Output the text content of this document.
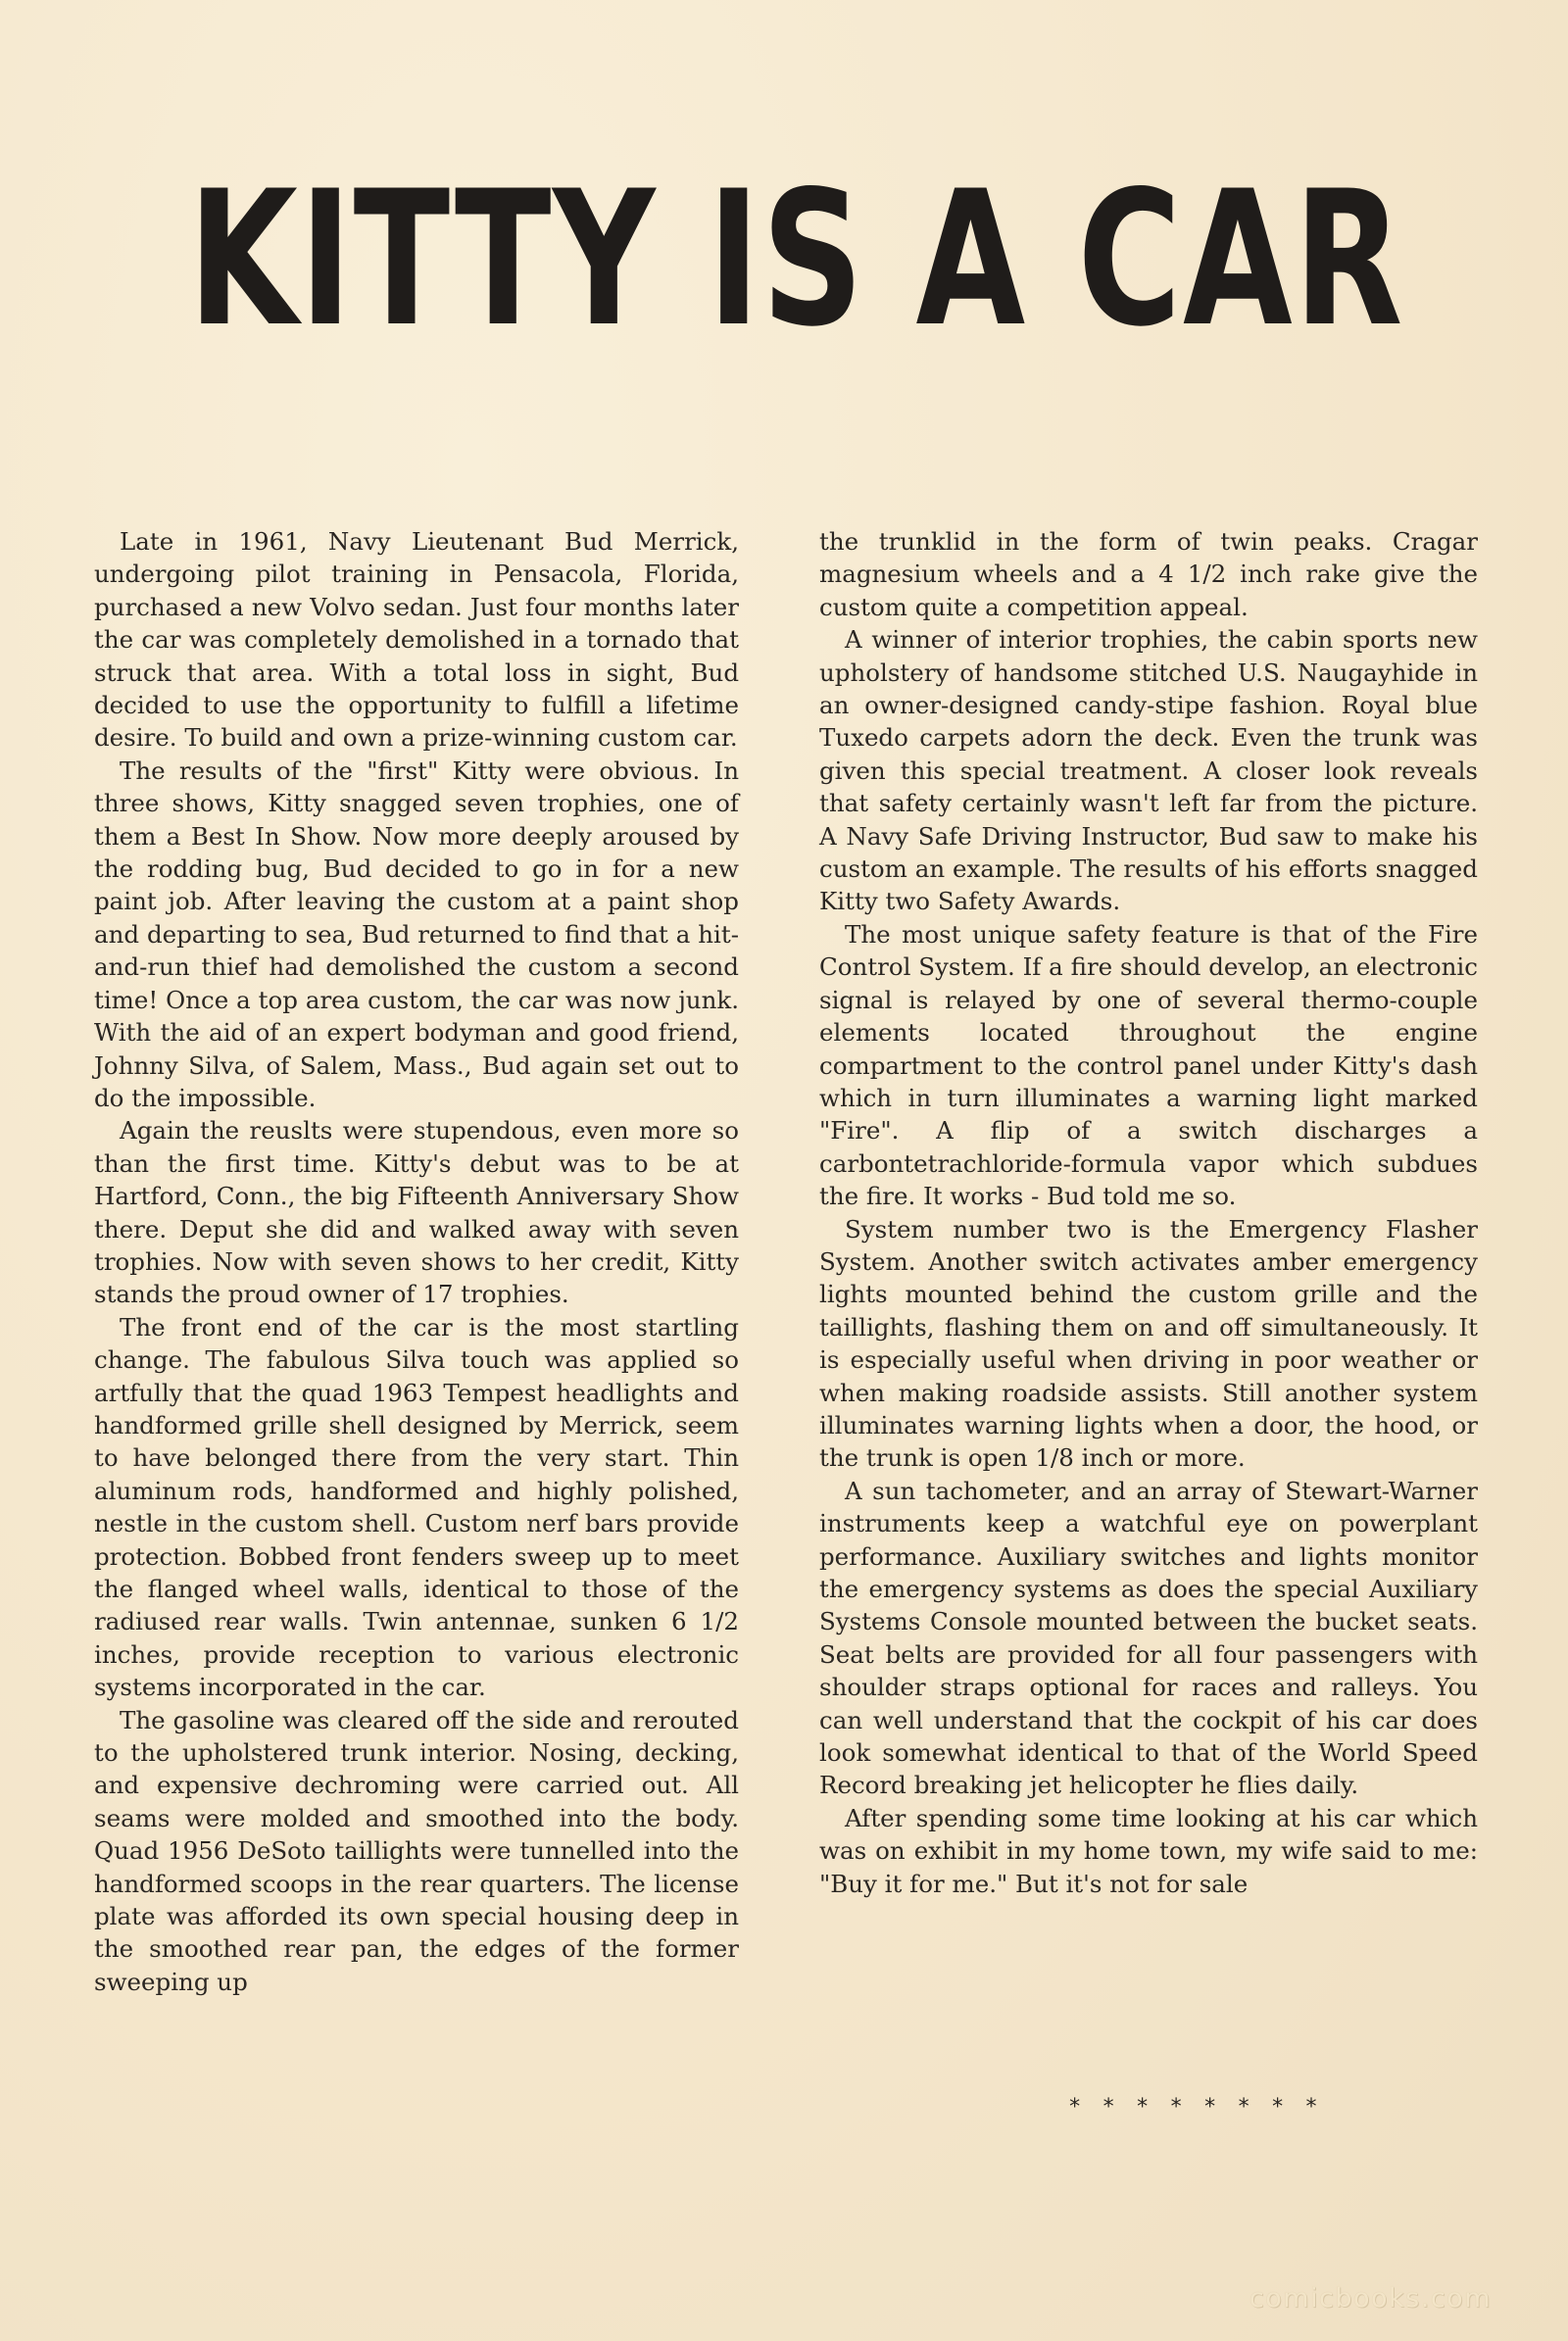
KITTY IS A CAR

Late in 1961, Navy Lieutenant Bud Merrick, undergoing pilot training in Pensacola, Florida, purchased a new Volvo sedan. Just four months later the car was completely demolished in a tornado that struck that area. With a total loss in sight, Bud decided to use the opportunity to fulfill a lifetime desire. To build and own a prize-winning custom car.

The results of the "first" Kitty were obvious. In three shows, Kitty snagged seven trophies, one of them a Best In Show. Now more deeply aroused by the rodding bug, Bud decided to go in for a new paint job. After leaving the custom at a paint shop and departing to sea, Bud returned to find that a hit-and-run thief had demolished the custom a second time! Once a top area custom, the car was now junk. With the aid of an expert bodyman and good friend, Johnny Silva, of Salem, Mass., Bud again set out to do the impossible.

Again the reuslts were stupendous, even more so than the first time. Kitty's debut was to be at Hartford, Conn., the big Fifteenth Anniversary Show there. Deput she did and walked away with seven trophies. Now with seven shows to her credit, Kitty stands the proud owner of 17 trophies.

The front end of the car is the most startling change. The fabulous Silva touch was applied so artfully that the quad 1963 Tempest headlights and handformed grille shell designed by Merrick, seem to have belonged there from the very start. Thin aluminum rods, handformed and highly polished, nestle in the custom shell. Custom nerf bars provide protection. Bobbed front fenders sweep up to meet the flanged wheel walls, identical to those of the radiused rear walls. Twin antennae, sunken 6 1/2 inches, provide reception to various electronic systems incorporated in the car.

The gasoline was cleared off the side and rerouted to the upholstered trunk interior. Nosing, decking, and expensive dechroming were carried out. All seams were molded and smoothed into the body. Quad 1956 DeSoto taillights were tunnelled into the handformed scoops in the rear quarters. The license plate was afforded its own special housing deep in the smoothed rear pan, the edges of the former sweeping up

the trunklid in the form of twin peaks. Cragar magnesium wheels and a 4 1/2 inch rake give the custom quite a competition appeal.

A winner of interior trophies, the cabin sports new upholstery of handsome stitched U.S. Naugayhide in an owner-designed candy-stipe fashion. Royal blue Tuxedo carpets adorn the deck. Even the trunk was given this special treatment. A closer look reveals that safety certainly wasn't left far from the picture. A Navy Safe Driving Instructor, Bud saw to make his custom an example. The results of his efforts snagged Kitty two Safety Awards.

The most unique safety feature is that of the Fire Control System. If a fire should develop, an electronic signal is relayed by one of several thermo-couple elements located throughout the engine compartment to the control panel under Kitty's dash which in turn illuminates a warning light marked "Fire". A flip of a switch discharges a carbontetrachloride-formula vapor which subdues the fire. It works - Bud told me so.

System number two is the Emergency Flasher System. Another switch activates amber emergency lights mounted behind the custom grille and the taillights, flashing them on and off simultaneously. It is especially useful when driving in poor weather or when making roadside assists. Still another system illuminates warning lights when a door, the hood, or the trunk is open 1/8 inch or more.

A sun tachometer, and an array of Stewart-Warner instruments keep a watchful eye on powerplant performance. Auxiliary switches and lights monitor the emergency systems as does the special Auxiliary Systems Console mounted between the bucket seats. Seat belts are provided for all four passengers with shoulder straps optional for races and ralleys. You can well understand that the cockpit of his car does look somewhat identical to that of the World Speed Record breaking jet helicopter he flies daily.

After spending some time looking at his car which was on exhibit in my home town, my wife said to me: "Buy it for me." But it's not for sale

* * * * * * * *
comicbooks.com
